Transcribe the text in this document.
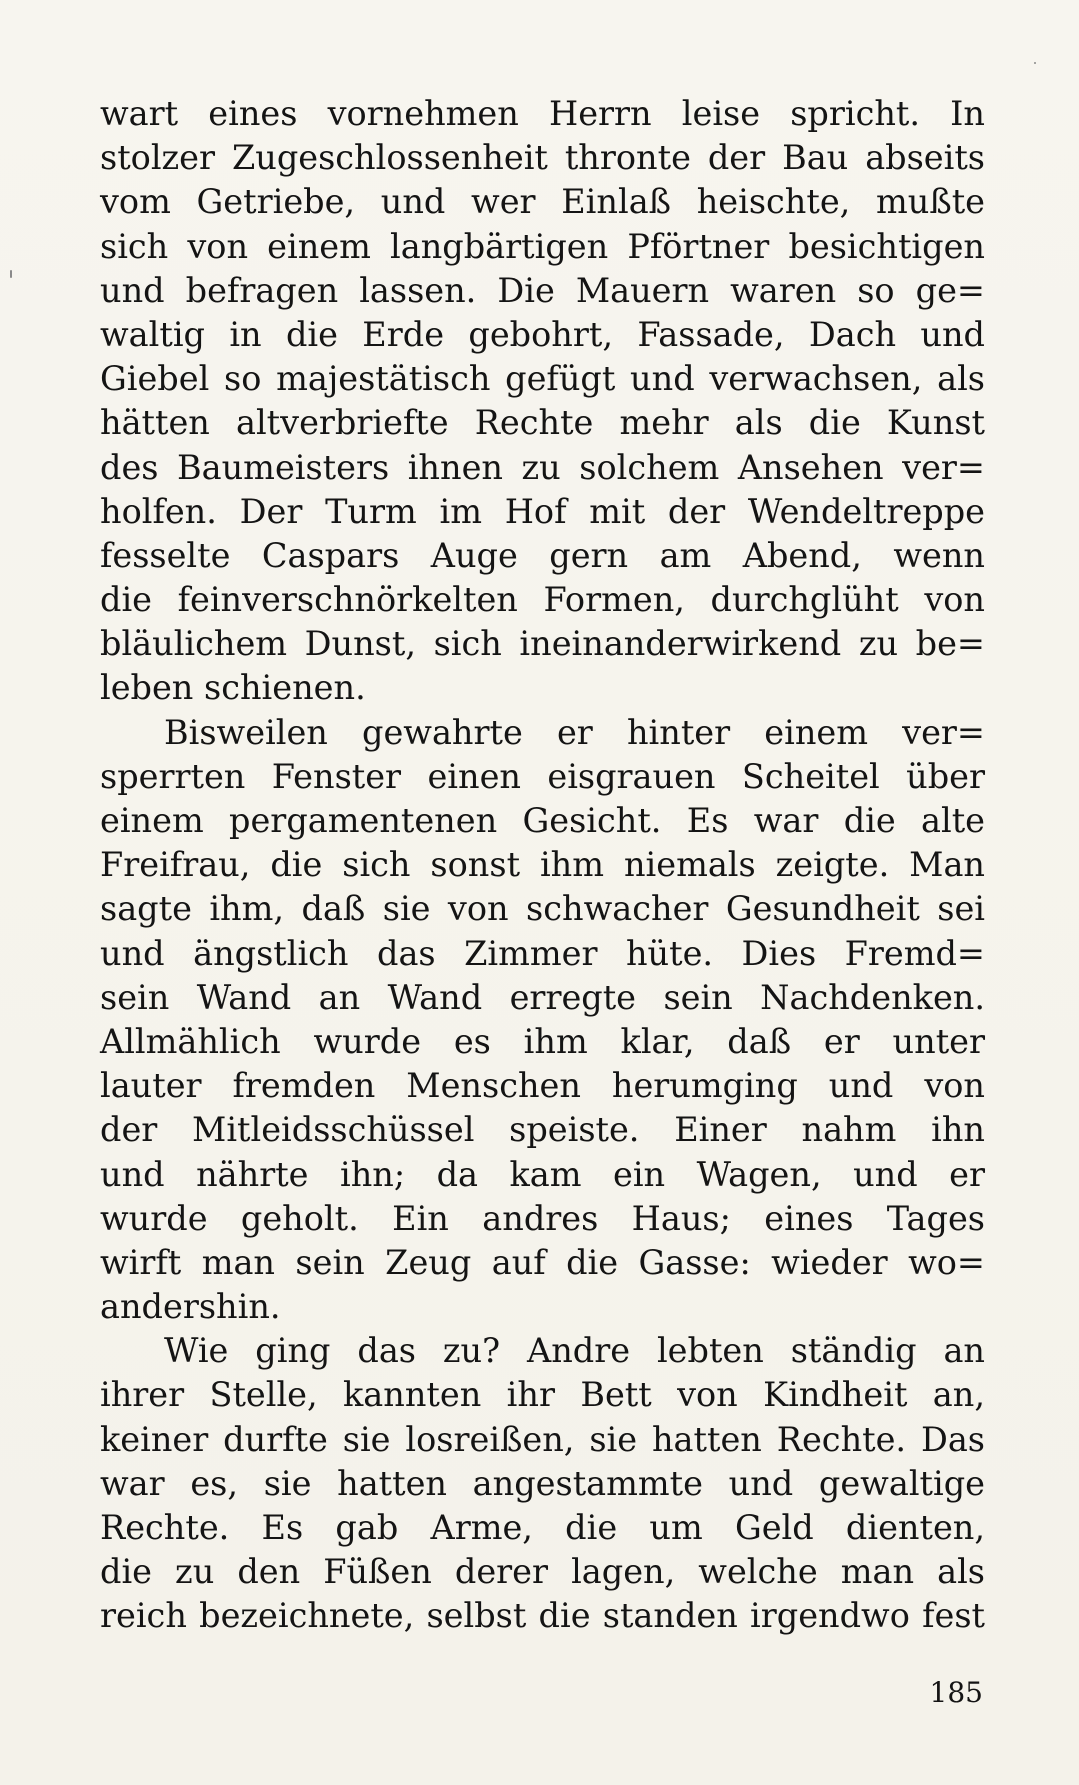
wart eines vornehmen Herrn leise spricht. In
stolzer Zugeschlossenheit thronte der Bau abseits
vom Getriebe, und wer Einlaß heischte, mußte
sich von einem langbärtigen Pförtner besichtigen
und befragen lassen. Die Mauern waren so ge=
waltig in die Erde gebohrt, Fassade, Dach und
Giebel so majestätisch gefügt und verwachsen, als
hätten altverbriefte Rechte mehr als die Kunst
des Baumeisters ihnen zu solchem Ansehen ver=
holfen. Der Turm im Hof mit der Wendeltreppe
fesselte Caspars Auge gern am Abend, wenn
die feinverschnörkelten Formen, durchglüht von
bläulichem Dunst, sich ineinanderwirkend zu be=
leben schienen.
Bisweilen gewahrte er hinter einem ver=
sperrten Fenster einen eisgrauen Scheitel über
einem pergamentenen Gesicht. Es war die alte
Freifrau, die sich sonst ihm niemals zeigte. Man
sagte ihm, daß sie von schwacher Gesundheit sei
und ängstlich das Zimmer hüte. Dies Fremd=
sein Wand an Wand erregte sein Nachdenken.
Allmählich wurde es ihm klar, daß er unter
lauter fremden Menschen herumging und von
der Mitleidsschüssel speiste. Einer nahm ihn
und nährte ihn; da kam ein Wagen, und er
wurde geholt. Ein andres Haus; eines Tages
wirft man sein Zeug auf die Gasse: wieder wo=
andershin.
Wie ging das zu? Andre lebten ständig an
ihrer Stelle, kannten ihr Bett von Kindheit an,
keiner durfte sie losreißen, sie hatten Rechte. Das
war es, sie hatten angestammte und gewaltige
Rechte. Es gab Arme, die um Geld dienten,
die zu den Füßen derer lagen, welche man als
reich bezeichnete, selbst die standen irgendwo fest
185
